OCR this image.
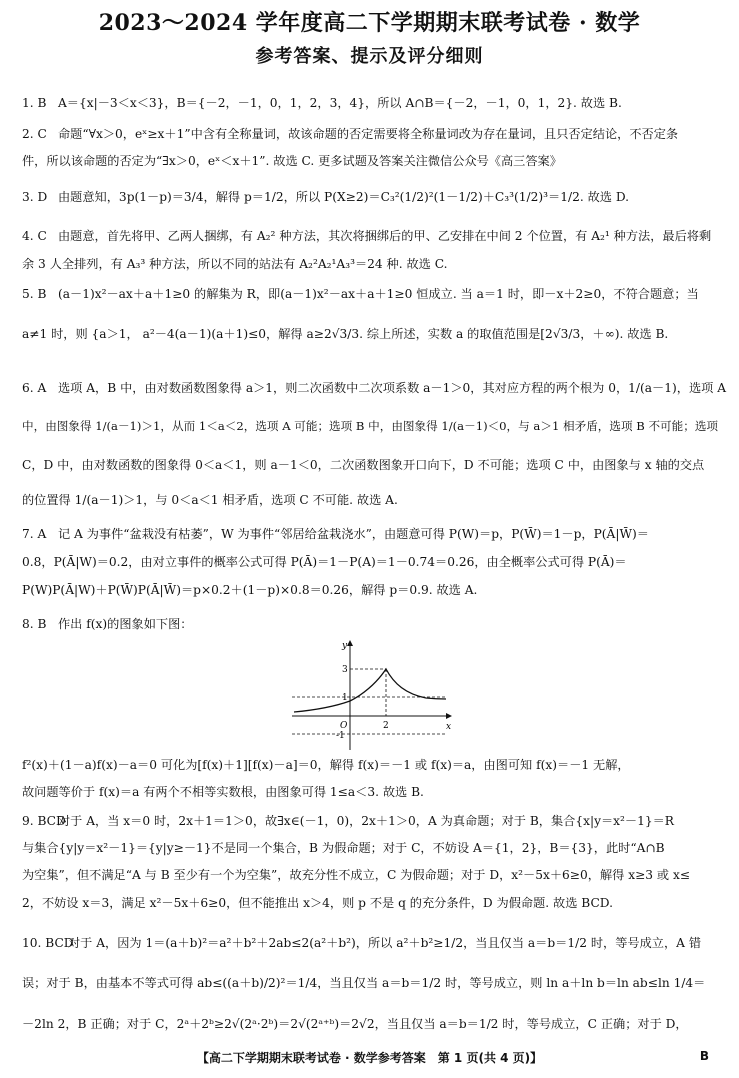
2023～2024 学年度高二下学期期末联考试卷 · 数学
参考答案、提示及评分细则
1. B A＝{x|－3＜x＜3}，B＝{－2，－1，0，1，2，3，4}，所以 A∩B＝{－2，－1，0，1，2}. 故选 B.
2. C 命题“∀x＞0，eˣ≥x＋1”中含有全称量词，故该命题的否定需要将全称量词改为存在量词，且只否定结论，不否定条
件，所以该命题的否定为“∃x＞0，eˣ＜x＋1”. 故选 C. 更多试题及答案关注微信公众号《高三答案》
3. D 由题意知，3p(1－p)＝3/4，解得 p＝1/2，所以 P(X≥2)＝C₃²(1/2)²(1－1/2)＋C₃³(1/2)³＝1/2. 故选 D.
4. C 由题意，首先将甲、乙两人捆绑，有 A₂² 种方法，其次将捆绑后的甲、乙安排在中间 2 个位置，有 A₂¹ 种方法，最后将剩
余 3 人全排列，有 A₃³ 种方法，所以不同的站法有 A₂²A₂¹A₃³＝24 种. 故选 C.
5. B (a－1)x²－ax＋a＋1≥0 的解集为 R，即(a－1)x²－ax＋a＋1≥0 恒成立. 当 a＝1 时，即－x＋2≥0，不符合题意；当
a≠1 时，则 {a＞1， a²－4(a－1)(a＋1)≤0，解得 a≥2√3/3. 综上所述，实数 a 的取值范围是[2√3/3，＋∞). 故选 B.
6. A 选项 A，B 中，由对数函数图象得 a＞1，则二次函数中二次项系数 a－1＞0，其对应方程的两个根为 0，1/(a－1)，选项 A
中，由图象得 1/(a－1)＞1，从而 1＜a＜2，选项 A 可能；选项 B 中，由图象得 1/(a－1)＜0，与 a＞1 相矛盾，选项 B 不可能；选项
C，D 中，由对数函数的图象得 0＜a＜1，则 a－1＜0，二次函数图象开口向下，D 不可能；选项 C 中，由图象与 x 轴的交点
的位置得 1/(a－1)＞1，与 0＜a＜1 相矛盾，选项 C 不可能. 故选 A.
7. A 记 A 为事件“盆栽没有枯萎”，W 为事件“邻居给盆栽浇水”，由题意可得 P(W)＝p，P(W̄)＝1－p，P(Ā|W̄)＝
0.8，P(Ā|W)＝0.2，由对立事件的概率公式可得 P(Ā)＝1－P(A)＝1－0.74＝0.26，由全概率公式可得 P(Ā)＝
P(W)P(Ā|W)＋P(W̄)P(Ā|W̄)＝p×0.2＋(1－p)×0.8＝0.26，解得 p＝0.9. 故选 A.
8. B 作出 f(x)的图象如下图：
y
x
O	2
3
1
-1
f²(x)＋(1－a)f(x)－a＝0 可化为[f(x)＋1][f(x)－a]＝0，解得 f(x)＝－1 或 f(x)＝a，由图可知 f(x)＝－1 无解，
故问题等价于 f(x)＝a 有两个不相等实数根，由图象可得 1≤a＜3. 故选 B.
9. BCD对于 A，当 x＝0 时，2x＋1＝1＞0，故∃x∈(－1，0)，2x＋1＞0，A 为真命题；对于 B，集合{x|y＝x²－1}＝R
与集合{y|y＝x²－1}＝{y|y≥－1}不是同一个集合，B 为假命题；对于 C，不妨设 A＝{1，2}，B＝{3}，此时“A∩B
为空集”，但不满足“A 与 B 至少有一个为空集”，故充分性不成立，C 为假命题；对于 D，x²－5x＋6≥0，解得 x≥3 或 x≤
2，不妨设 x＝3，满足 x²－5x＋6≥0，但不能推出 x＞4，则 p 不是 q 的充分条件，D 为假命题. 故选 BCD.
10. BCD对于 A，因为 1＝(a＋b)²＝a²＋b²＋2ab≤2(a²＋b²)，所以 a²＋b²≥1/2，当且仅当 a＝b＝1/2 时，等号成立，A 错
误；对于 B，由基本不等式可得 ab≤((a＋b)/2)²＝1/4，当且仅当 a＝b＝1/2 时，等号成立，则 ln a＋ln b＝ln ab≤ln 1/4＝
－2ln 2，B 正确；对于 C，2ᵃ＋2ᵇ≥2√(2ᵃ·2ᵇ)＝2√(2ᵃ⁺ᵇ)＝2√2，当且仅当 a＝b＝1/2 时，等号成立，C 正确；对于 D，
【高二下学期期末联考试卷 · 数学参考答案　第 1 页(共 4 页)】	B
